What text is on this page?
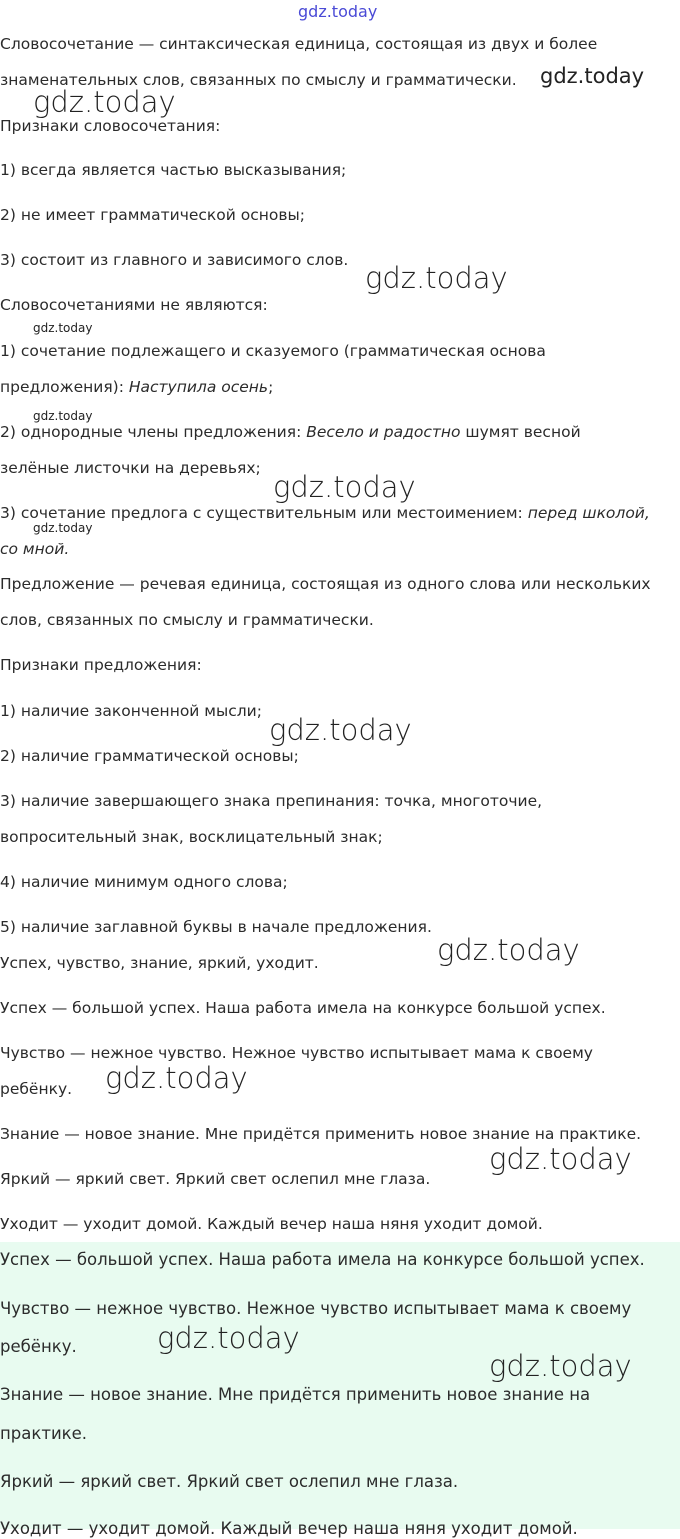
Словосочетание — синтаксическая единица, состоящая из двух и более
знаменательных слов, связанных по смыслу и грамматически.
Признаки словосочетания:
1) всегда является частью высказывания;
2) не имеет грамматической основы;
3) состоит из главного и зависимого слов.
Словосочетаниями не являются:
1) сочетание подлежащего и сказуемого (грамматическая основа
предложения): Наступила осень;
2) однородные члены предложения: Весело и радостно шумят весной
зелёные листочки на деревьях;
3) сочетание предлога с существительным или местоимением: перед школой,
со мной.
Предложение — речевая единица, состоящая из одного слова или нескольких
слов, связанных по смыслу и грамматически.
Признаки предложения:
1) наличие законченной мысли;
2) наличие грамматической основы;
3) наличие завершающего знака препинания: точка, многоточие,
вопросительный знак, восклицательный знак;
4) наличие минимум одного слова;
5) наличие заглавной буквы в начале предложения.
Успех, чувство, знание, яркий, уходит.
Успех — большой успех. Наша работа имела на конкурсе большой успех.
Чувство — нежное чувство. Нежное чувство испытывает мама к своему
ребёнку.
Знание — новое знание. Мне придётся применить новое знание на практике.
Яркий — яркий свет. Яркий свет ослепил мне глаза.
Уходит — уходит домой. Каждый вечер наша няня уходит домой.
Успех — большой успех. Наша работа имела на конкурсе большой успех.
Чувство — нежное чувство. Нежное чувство испытывает мама к своему
ребёнку.
Знание — новое знание. Мне придётся применить новое знание на
практике.
Яркий — яркий свет. Яркий свет ослепил мне глаза.
Уходит — уходит домой. Каждый вечер наша няня уходит домой.
gdz.today
gdz.today
gdz.today
gdz.today
gdz.today
gdz.today
gdz.today
gdz.today
gdz.today
gdz.today
gdz.today
gdz.today
gdz.today
gdz.today
